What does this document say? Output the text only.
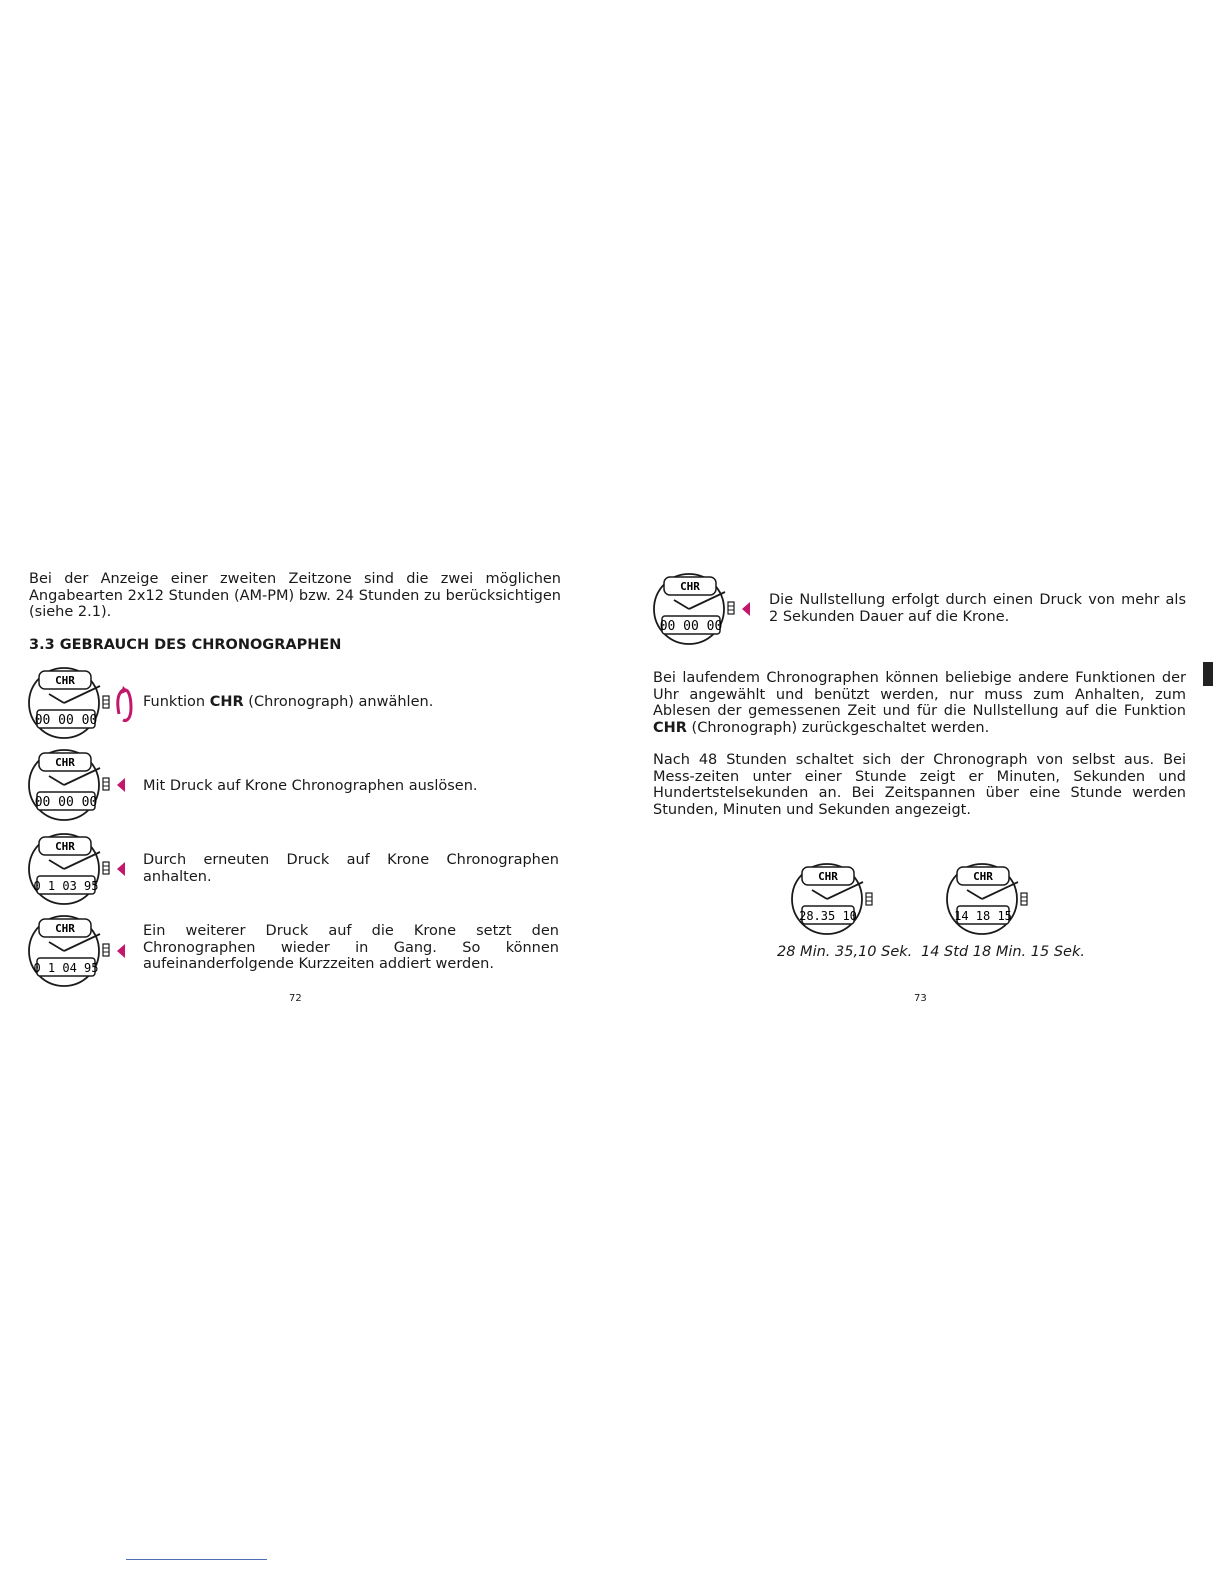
Bei der Anzeige einer zweiten Zeitzone sind die zwei möglichen Angabearten 2x12 Stunden (AM-PM) bzw. 24 Stunden zu berücksichtigen (siehe 2.1).

3.3 GEBRAUCH DES CHRONOGRAPHEN
CHR
00 00 00
Funktion CHR (Chronograph) anwählen.
CHR
00 00 00
Mit Druck auf Krone Chronographen auslösen.
CHR
0 1 03 95
Durch erneuten Druck auf Krone Chronographen anhalten.
CHR
0 1 04 95
Ein weiterer Druck auf die Krone setzt den Chronographen wieder in Gang. So können aufeinanderfolgende Kurzzeiten addiert werden.
72
CHR
00 00 00
Die Nullstellung erfolgt durch einen Druck von mehr als 2 Sekunden Dauer auf die Krone.

Bei laufendem Chronographen können beliebige andere Funktionen der Uhr angewählt und benützt werden, nur muss zum Anhalten, zum Ablesen der gemessenen Zeit und für die Nullstellung auf die Funktion CHR (Chronograph) zurückgeschaltet werden.

Nach 48 Stunden schaltet sich der Chronograph von selbst aus. Bei Mess-zeiten unter einer Stunde zeigt er Minuten, Sekunden und Hundertstelsekunden an. Bei Zeitspannen über eine Stunde werden Stunden, Minuten und Sekunden angezeigt.

CHR
28.35 10
CHR
14 18 15
28 Min. 35,10 Sek. 14 Std 18 Min. 15 Sek.
73
